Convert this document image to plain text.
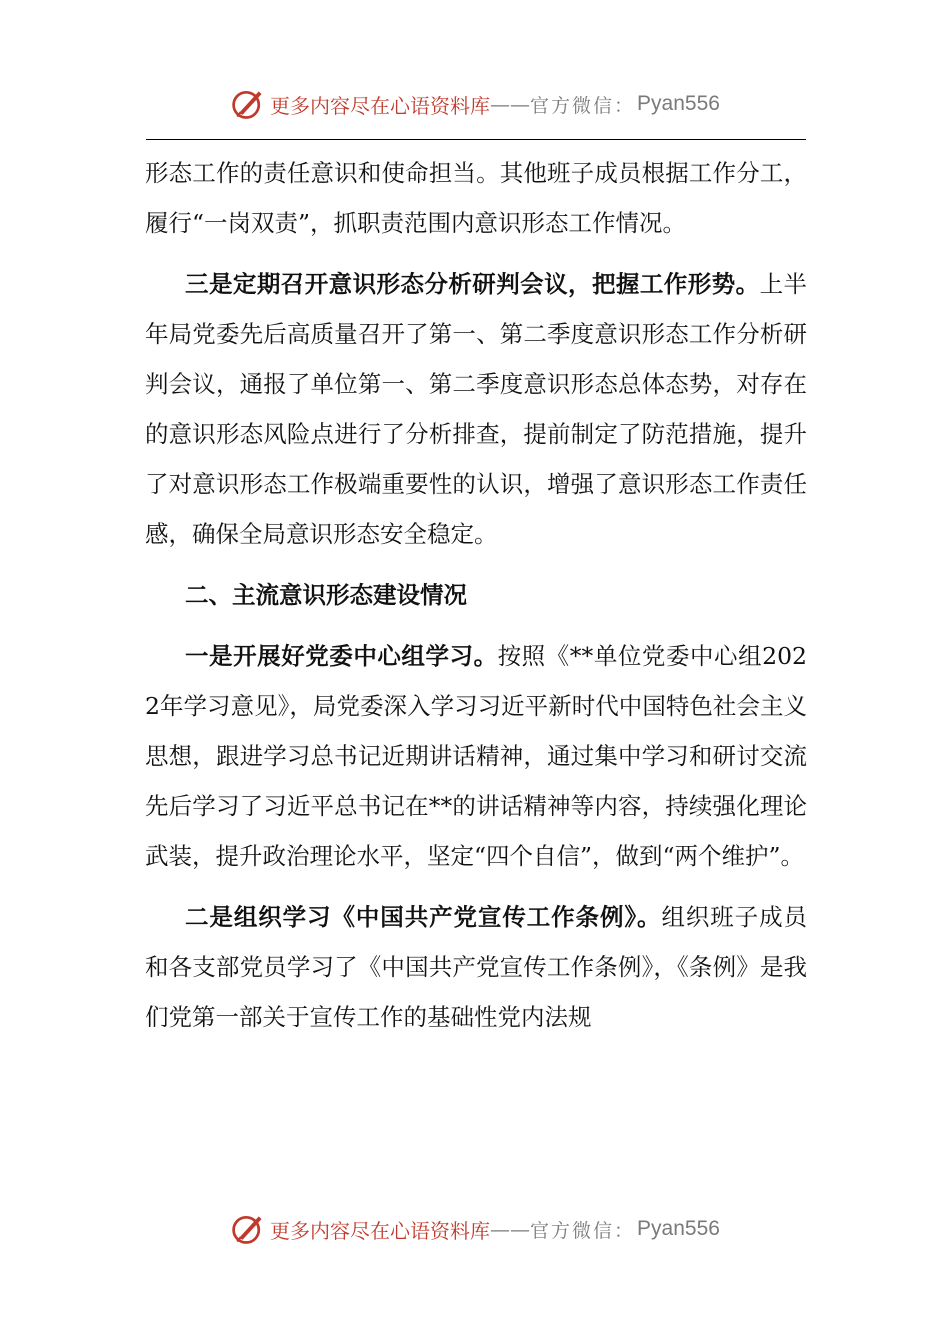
更多内容尽在心语资料库 —— 官方微信： Pyan556

形态工作的责任意识和使命担当。其他班子成员根据工作分工，履行“一岗双责”，抓职责范围内意识形态工作情况。

三是定期召开意识形态分析研判会议，把握工作形势。上半年局党委先后高质量召开了第一、第二季度意识形态工作分析研判会议，通报了单位第一、第二季度意识形态总体态势，对存在的意识形态风险点进行了分析排查，提前制定了防范措施，提升了对意识形态工作极端重要性的认识，增强了意识形态工作责任感，确保全局意识形态安全稳定。

二、主流意识形态建设情况

一是开展好党委中心组学习。按照《**单位党委中心组2022年学习意见》，局党委深入学习习近平新时代中国特色社会主义思想，跟进学习总书记近期讲话精神，通过集中学习和研讨交流先后学习了习近平总书记在**的讲话精神等内容，持续强化理论武装，提升政治理论水平，坚定“四个自信”，做到“两个维护”。

二是组织学习《中国共产党宣传工作条例》。组织班子成员和各支部党员学习了《中国共产党宣传工作条例》，《条例》是我们党第一部关于宣传工作的基础性党内法规

更多内容尽在心语资料库 —— 官方微信： Pyan556
